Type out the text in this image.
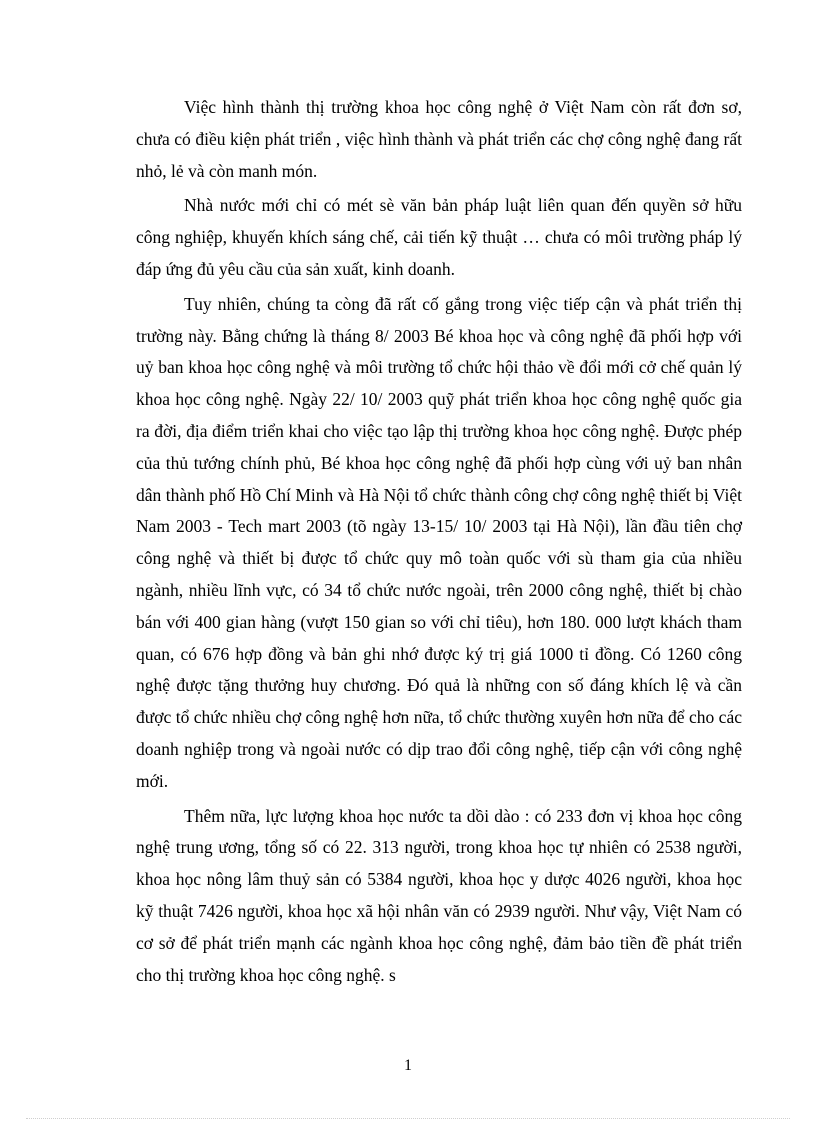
Việc hình thành thị trường khoa học công nghệ ở Việt Nam còn rất đơn sơ, chưa có điều kiện phát triển , việc hình thành và phát triển các chợ công nghệ đang rất nhỏ, lẻ và còn manh món.

Nhà nước mới chỉ có mét sè văn bản pháp luật liên quan đến quyền sở hữu công nghiệp, khuyến khích sáng chế, cải tiến kỹ thuật … chưa có môi trường pháp lý đáp ứng đủ yêu cầu của sản xuất, kinh doanh.

Tuy nhiên, chúng ta còng đã rất cố gắng trong việc tiếp cận và phát triển thị trường này. Bằng chứng là tháng 8/ 2003 Bé khoa học và công nghệ đã phối hợp với uỷ ban khoa học công nghệ và môi trường tổ chức hội thảo về đổi mới cở chế quản lý khoa học công nghệ. Ngày 22/ 10/ 2003 quỹ phát triển khoa học công nghệ quốc gia ra đời, địa điểm triển khai cho việc tạo lập thị trường khoa học công nghệ. Được phép của thủ tướng chính phủ, Bé khoa học công nghệ đã phối hợp cùng với uỷ ban nhân dân thành phố Hồ Chí Minh và Hà Nội tổ chức thành công chợ công nghệ thiết bị Việt Nam 2003 - Tech mart 2003 (tõ ngày 13-15/ 10/ 2003 tại Hà Nội), lần đầu tiên chợ công nghệ và thiết bị được tổ chức quy mô toàn quốc với sù tham gia của nhiều ngành, nhiều lĩnh vực, có 34 tổ chức nước ngoài, trên 2000 công nghệ, thiết bị chào bán với 400 gian hàng (vượt 150 gian so với chỉ tiêu), hơn 180. 000 lượt khách tham quan, có 676 hợp đồng và bản ghi nhớ được ký trị giá 1000 tỉ đồng. Có 1260 công nghệ được tặng thưởng huy chương. Đó quả là những con số đáng khích lệ và cần được tổ chức nhiều chợ công nghệ hơn nữa, tổ chức thường xuyên hơn nữa để cho các doanh nghiệp trong và ngoài nước có dịp trao đổi công nghệ, tiếp cận với công nghệ mới.

Thêm nữa, lực lượng khoa học nước ta dồi dào : có 233 đơn vị khoa học công nghệ trung ương, tổng số có 22. 313 người, trong khoa học tự nhiên có 2538 người, khoa học nông lâm thuỷ sản có 5384 người, khoa học y dược 4026 người, khoa học kỹ thuật 7426 người, khoa học xã hội nhân văn có 2939 người. Như vậy, Việt Nam có cơ sở để phát triển mạnh các ngành khoa học công nghệ, đảm bảo tiền đề phát triển cho thị trường khoa học công nghệ. s

1
